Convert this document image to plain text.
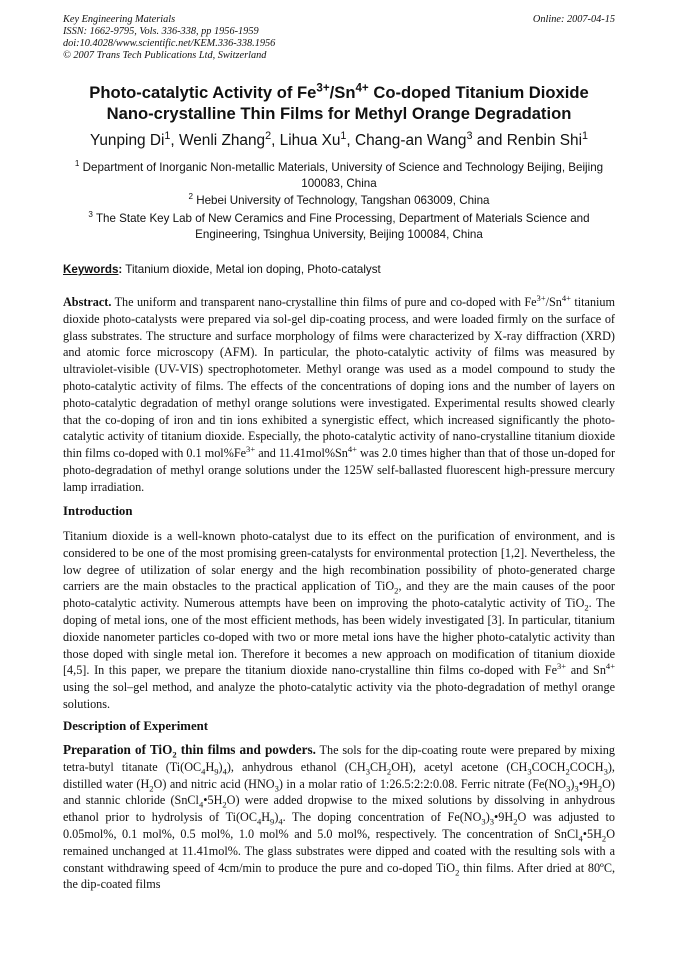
Key Engineering Materials
ISSN: 1662-9795, Vols. 336-338, pp 1956-1959
doi:10.4028/www.scientific.net/KEM.336-338.1956
© 2007 Trans Tech Publications Ltd, Switzerland
Online: 2007-04-15
Photo-catalytic Activity of $Fe^{3+}/Sn^{4+}$ Co-doped Titanium Dioxide
Nano-crystalline Thin Films for Methyl Orange Degradation
Yunping Di$^1$, Wenli Zhang$^2$, Lihua Xu$^1$, Chang-an Wang$^3$ and Renbin Shi$^1$
$^1$ Department of Inorganic Non-metallic Materials, University of Science and Technology Beijing, Beijing 100083, China
$^2$ Hebei University of Technology, Tangshan 063009, China
$^3$ The State Key Lab of New Ceramics and Fine Processing, Department of Materials Science and Engineering, Tsinghua University, Beijing 100084, China
Keywords: Titanium dioxide, Metal ion doping, Photo-catalyst
Abstract. The uniform and transparent nano-crystalline thin films of pure and co-doped with $Fe^{3+}/Sn^{4+}$ titanium dioxide photo-catalysts were prepared via sol-gel dip-coating process, and were loaded firmly on the surface of glass substrates. The structure and surface morphology of films were characterized by X-ray diffraction (XRD) and atomic force microscopy (AFM). In particular, the photo-catalytic activity of films was measured by ultraviolet-visible (UV-VIS) spectrophotometer. Methyl orange was used as a model compound to study the photo-catalytic activity of films. The effects of the concentrations of doping ions and the number of layers on photo-catalytic degradation of methyl orange solutions were investigated. Experimental results showed clearly that the co-doping of iron and tin ions exhibited a synergistic effect, which increased significantly the photo-catalytic activity of titanium dioxide. Especially, the photo-catalytic activity of nano-crystalline titanium dioxide thin films co-doped with 0.1 $mol\%Fe^{3+}$ and $11.41mol\%Sn^{4+}$ was 2.0 times higher than that of those un-doped for photo-degradation of methyl orange solutions under the 125W self-ballasted fluorescent high-pressure mercury lamp irradiation.
Introduction
Titanium dioxide is a well-known photo-catalyst due to its effect on the purification of environment, and is considered to be one of the most promising green-catalysts for environmental protection [1,2]. Nevertheless, the low degree of utilization of solar energy and the high recombination possibility of photo-generated charge carriers are the main obstacles to the practical application of TiO$_2$, and they are the main causes of the poor photo-catalytic activity. Numerous attempts have been on improving the photo-catalytic activity of TiO$_2$. The doping of metal ions, one of the most efficient methods, has been widely investigated [3]. In particular, titanium dioxide nanometer particles co-doped with two or more metal ions have the higher photo-catalytic activity than those doped with single metal ion. Therefore it becomes a new approach on modification of titanium dioxide [4,5]. In this paper, we prepare the titanium dioxide nano-crystalline thin films co-doped with $Fe^{3+}$ and $Sn^{4+}$ using the sol–gel method, and analyze the photo-catalytic activity via the photo-degradation of methyl orange solutions.
Description of Experiment
Preparation of TiO$_2$ thin films and powders. The sols for the dip-coating route were prepared by mixing tetra-butyl titanate $(Ti(OC_4H_9)_4)$, anhydrous ethanol $(CH_3CH_2OH)$, acetyl acetone $(CH_3COCH_2COCH_3)$, distilled water $(H_2O)$ and nitric acid $(HNO_3)$ in a molar ratio of 1:26.5:2:2:0.08. Ferric nitrate $(Fe(NO_3)_3•9H_2O)$ and stannic chloride $(SnCl_4•5H_2O)$ were added dropwise to the mixed solutions by dissolving in anhydrous ethanol prior to hydrolysis of $Ti(OC_4H_9)_4$. The doping concentration of $Fe(NO_3)_3•9H_2O$ was adjusted to 0.05mol%, 0.1 mol%, 0.5 mol%, 1.0 mol% and 5.0 mol%, respectively. The concentration of $SnCl_4•5H_2O$ remained unchanged at 11.41mol%. The glass substrates were dipped and coated with the resulting sols with a constant withdrawing speed of 4cm/min to produce the pure and co-doped TiO$_2$ thin films. After dried at 80ºC, the dip-coated films
